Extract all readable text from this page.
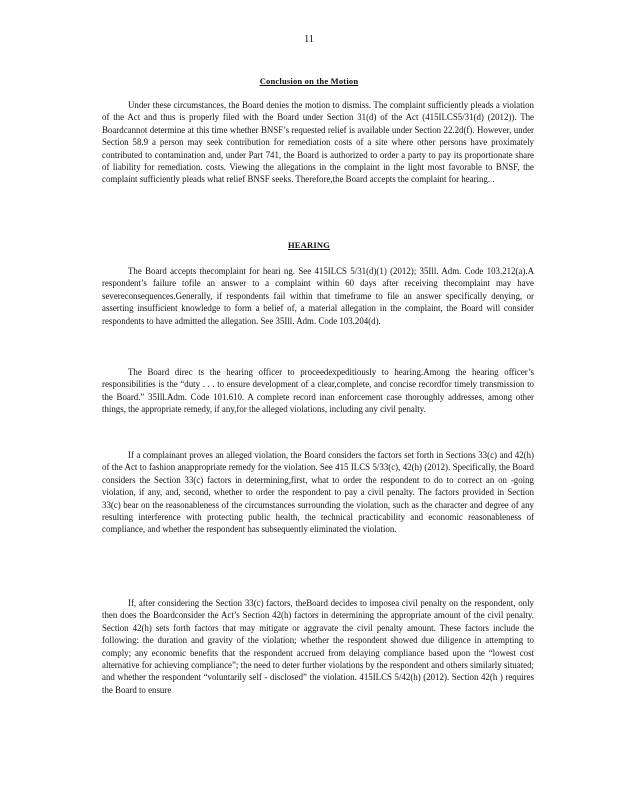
11
Conclusion on the Motion

Under these circumstances, the Board denies the motion to dismiss. The complaint sufficiently pleads a violation of the Act and thus is properly filed with the Board under Section 31(d) of the Act (415ILCS5/31(d) (2012)). The Boardcannot determine at this time whether BNSF’s requested relief is available under Section 22.2d(f). However, under Section 58.9 a person may seek contribution for remediation costs of a site where other persons have proximately contributed to contamination and, under Part 741, the Board is authorized to order a party to pay its proportionate share of liability for remediation. costs. Viewing the allegations in the complaint in the light most favorable to BNSF, the complaint sufficiently pleads what relief BNSF seeks. Therefore,the Board accepts the complaint for hearing. .

HEARING

The Board accepts thecomplaint for heari ng. See 415ILCS 5/31(d)(1) (2012); 35Ill. Adm. Code 103.212(a).A respondent’s failure tofile an answer to a complaint within 60 days after receiving thecomplaint may have severeconsequences.Generally, if respondents fail within that timeframe to file an answer specifically denying, or asserting insufficient knowledge to form a belief of, a material allegation in the complaint, the Board will consider respondents to have admitted the allegation. See 35Ill. Adm. Code 103.204(d).

The Board direc ts the hearing officer to proceedexpeditiously to hearing.Among the hearing officer’s responsibilities is the “duty . . . to ensure development of a clear,complete, and concise recordfor timely transmission to the Board.” 35Ill.Adm. Code 101.610. A complete record inan enforcement case thoroughly addresses, among other things, the appropriate remedy, if any,for the alleged violations, including any civil penalty.

If a complainant proves an alleged violation, the Board considers the factors set forth in Sections 33(c) and 42(h) of the Act to fashion anappropriate remedy for the violation. See 415 ILCS 5/33(c), 42(h) (2012). Specifically, the Board considers the Section 33(c) factors in determining,first, what to order the respondent to do to correct an on -going violation, if any, and, second, whether to order the respondent to pay a civil penalty. The factors provided in Section 33(c) bear on the reasonableness of the circumstances surrounding the violation, such as the character and degree of any resulting interference with protecting public health, the technical practicability and economic reasonableness of compliance, and whether the respondent has subsequently eliminated the violation.

If, after considering the Section 33(c) factors, theBoard decides to imposea civil penalty on the respondent, only then does the Boardconsider the Act’s Section 42(h) factors in determining the appropriate amount of the civil penalty. Section 42(h) sets forth factors that may mitigate or aggravate the civil penalty amount. These factors include the following: the duration and gravity of the violation; whether the respondent showed due diligence in attempting to comply; any economic benefits that the respondent accrued from delaying compliance based upon the “lowest cost alternative for achieving compliance”; the need to deter further violations by the respondent and others similarly situated; and whether the respondent “voluntarily self - disclosed” the violation. 415ILCS 5/42(h) (2012). Section 42(h ) requires the Board to ensure
